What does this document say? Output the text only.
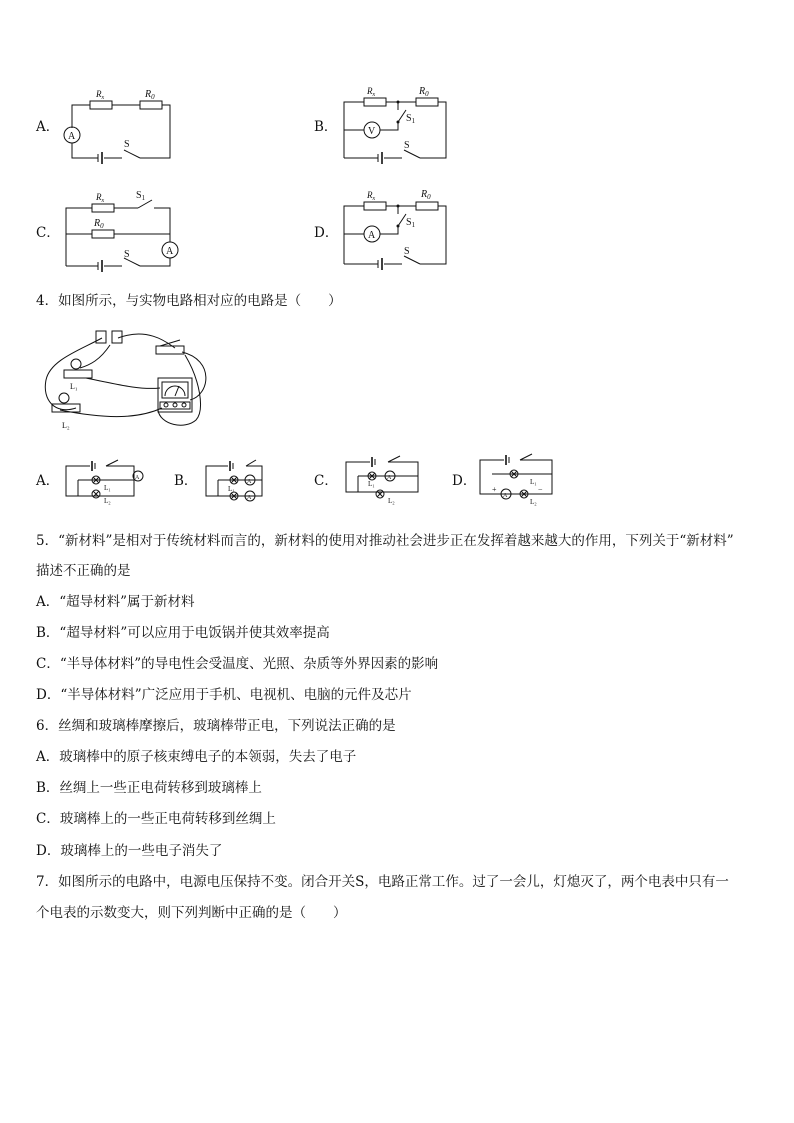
A．
A
$R_x$	$R_0$
S
B．	V
$R_x$	$R_0$
$S_1$
S
C．
A
$R_x$
$R_0$
$S_1$
S
D．	A
$R_x$	$R_0$
$S_1$
S
4．如图所示，与实物电路相对应的电路是（　　）
L₁
L₂
A．	B．	C．	D．
A
L₁
L₂
A
A
L₁
A
L₁
L₂
A
+	−
L₁
L₂
5．“新材料”是相对于传统材料而言的，新材料的使用对推动社会进步正在发挥着越来越大的作用，下列关于“新材料”
描述不正确的是
A．“超导材料”属于新材料
B．“超导材料”可以应用于电饭锅并使其效率提高
C．“半导体材料”的导电性会受温度、光照、杂质等外界因素的影响
D．“半导体材料”广泛应用于手机、电视机、电脑的元件及芯片
6．丝绸和玻璃棒摩擦后，玻璃棒带正电，下列说法正确的是
A．玻璃棒中的原子核束缚电子的本领弱，失去了电子
B．丝绸上一些正电荷转移到玻璃棒上
C．玻璃棒上的一些正电荷转移到丝绸上
D．玻璃棒上的一些电子消失了
7．如图所示的电路中，电源电压保持不变。闭合开关S，电路正常工作。过了一会儿，灯熄灭了，两个电表中只有一
个电表的示数变大，则下列判断中正确的是（　　）
